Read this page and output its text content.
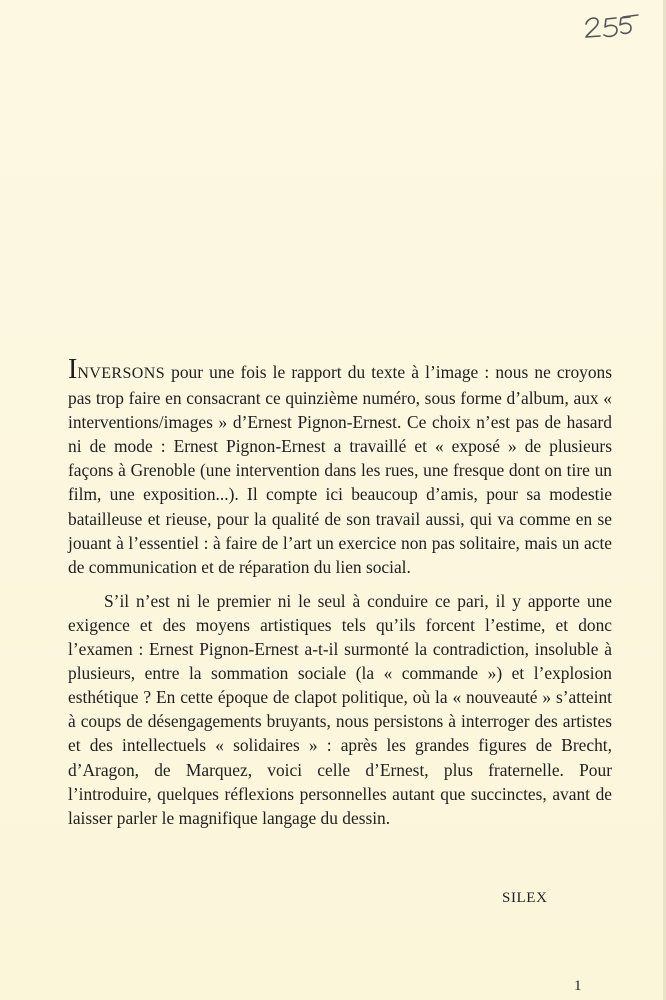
INVERSONS pour une fois le rapport du texte à l’image : nous ne croyons pas trop faire en consacrant ce quinzième numéro, sous forme d’album, aux « interventions/images » d’Ernest Pignon-Ernest. Ce choix n’est pas de hasard ni de mode : Ernest Pignon-Ernest a travaillé et « exposé » de plusieurs façons à Grenoble (une intervention dans les rues, une fresque dont on tire un film, une exposition...). Il compte ici beaucoup d’amis, pour sa modestie batailleuse et rieuse, pour la qualité de son travail aussi, qui va comme en se jouant à l’essentiel : à faire de l’art un exercice non pas solitaire, mais un acte de communication et de réparation du lien social.

S’il n’est ni le premier ni le seul à conduire ce pari, il y apporte une exigence et des moyens artistiques tels qu’ils forcent l’estime, et donc l’examen : Ernest Pignon-Ernest a-t-il surmonté la contradiction, insoluble à plusieurs, entre la sommation sociale (la « commande ») et l’explosion esthétique ? En cette époque de clapot politique, où la « nouveauté » s’atteint à coups de désengagements bruyants, nous persistons à interroger des artistes et des intellectuels « solidaires » : après les grandes figures de Brecht, d’Aragon, de Marquez, voici celle d’Ernest, plus fraternelle. Pour l’introduire, quelques réflexions personnelles autant que succinctes, avant de laisser parler le magnifique langage du dessin.

SILEX
1
